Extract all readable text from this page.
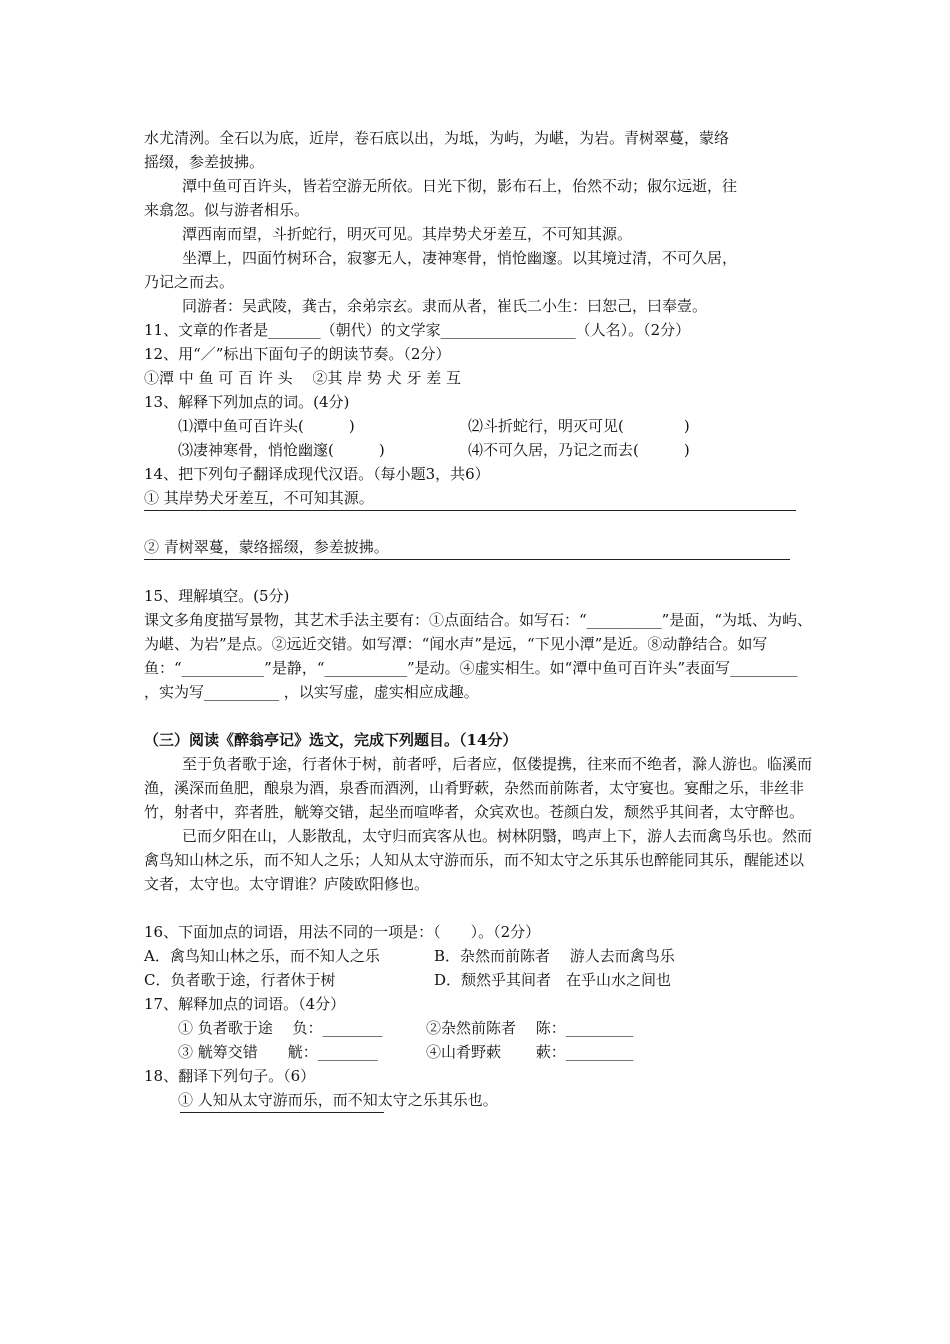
水尤清洌。全石以为底，近岸，卷石底以出，为坻，为屿，为嵁，为岩。青树翠蔓，蒙络

摇缀，参差披拂。

潭中鱼可百许头，皆若空游无所依。日光下彻，影布石上，佁然不动；俶尔远逝，往

来翕忽。似与游者相乐。

潭西南而望，斗折蛇行，明灭可见。其岸势犬牙差互，不可知其源。

坐潭上，四面竹树环合，寂寥无人，凄神寒骨，悄怆幽邃。以其境过清，不可久居，

乃记之而去。

同游者：吴武陵，龚古，余弟宗玄。隶而从者，崔氏二小生：曰恕己，曰奉壹。

11、文章的作者是_______（朝代）的文学家__________________（人名）。（2分）

12、用“／”标出下面句子的朗读节奏。（2分）

①潭 中 鱼 可 百 许 头　 ②其 岸 势 犬 牙 差 互

13、解释下列加点的词。(4分)

⑴潭中鱼可百许头(　　　)	⑵斗折蛇行，明灭可见(　　　　)
⑶凄神寒骨，悄怆幽邃(　　　)	⑷不可久居，乃记之而去(　　　)

14、把下列句子翻译成现代汉语。（每小题3，共6）

① 其岸势犬牙差互，不可知其源。

② 青树翠蔓，蒙络摇缀，参差披拂。

15、理解填空。(5分)

课文多角度描写景物，其艺术手法主要有：①点面结合。如写石：“__________”是面，“为坻、为屿、为嵁、为岩”是点。②远近交错。如写潭：“闻水声”是远，“下见小潭”是近。⑧动静结合。如写鱼：“___________”是静，“___________”是动。④虚实相生。如“潭中鱼可百许头”表面写_________ ，实为写__________ ，以实写虚，虚实相应成趣。

（三）阅读《醉翁亭记》选文，完成下列题目。（14分）

至于负者歌于途，行者休于树，前者呼，后者应，伛偻提携，往来而不绝者，滁人游也。临溪而渔，溪深而鱼肥，酿泉为酒，泉香而酒洌，山肴野蔌，杂然而前陈者，太守宴也。宴酣之乐，非丝非竹，射者中，弈者胜，觥筹交错，起坐而喧哗者，众宾欢也。苍颜白发，颓然乎其间者，太守醉也。

已而夕阳在山，人影散乱，太守归而宾客从也。树林阴翳，鸣声上下，游人去而禽鸟乐也。然而禽鸟知山林之乐，而不知人之乐；人知从太守游而乐，而不知太守之乐其乐也醉能同其乐，醒能述以文者，太守也。太守谓谁？庐陵欧阳修也。

16、下面加点的词语，用法不同的一项是：（　　）。（2分）

A．禽鸟知山林之乐，而不知人之乐	B．杂然而前陈者　 游人去而禽鸟乐
C．负者歌于途，行者休于树	D．颓然乎其间者　在乎山水之间也

17、解释加点的词语。（4分）

① 负者歌于途　 负：________	②杂然前陈者　 陈：_________
③ 觥筹交错　　觥：________	④山肴野蔌　　 蔌：_________

18、翻译下列句子。（6）

① 人知从太守游而乐，而不知太守之乐其乐也。
